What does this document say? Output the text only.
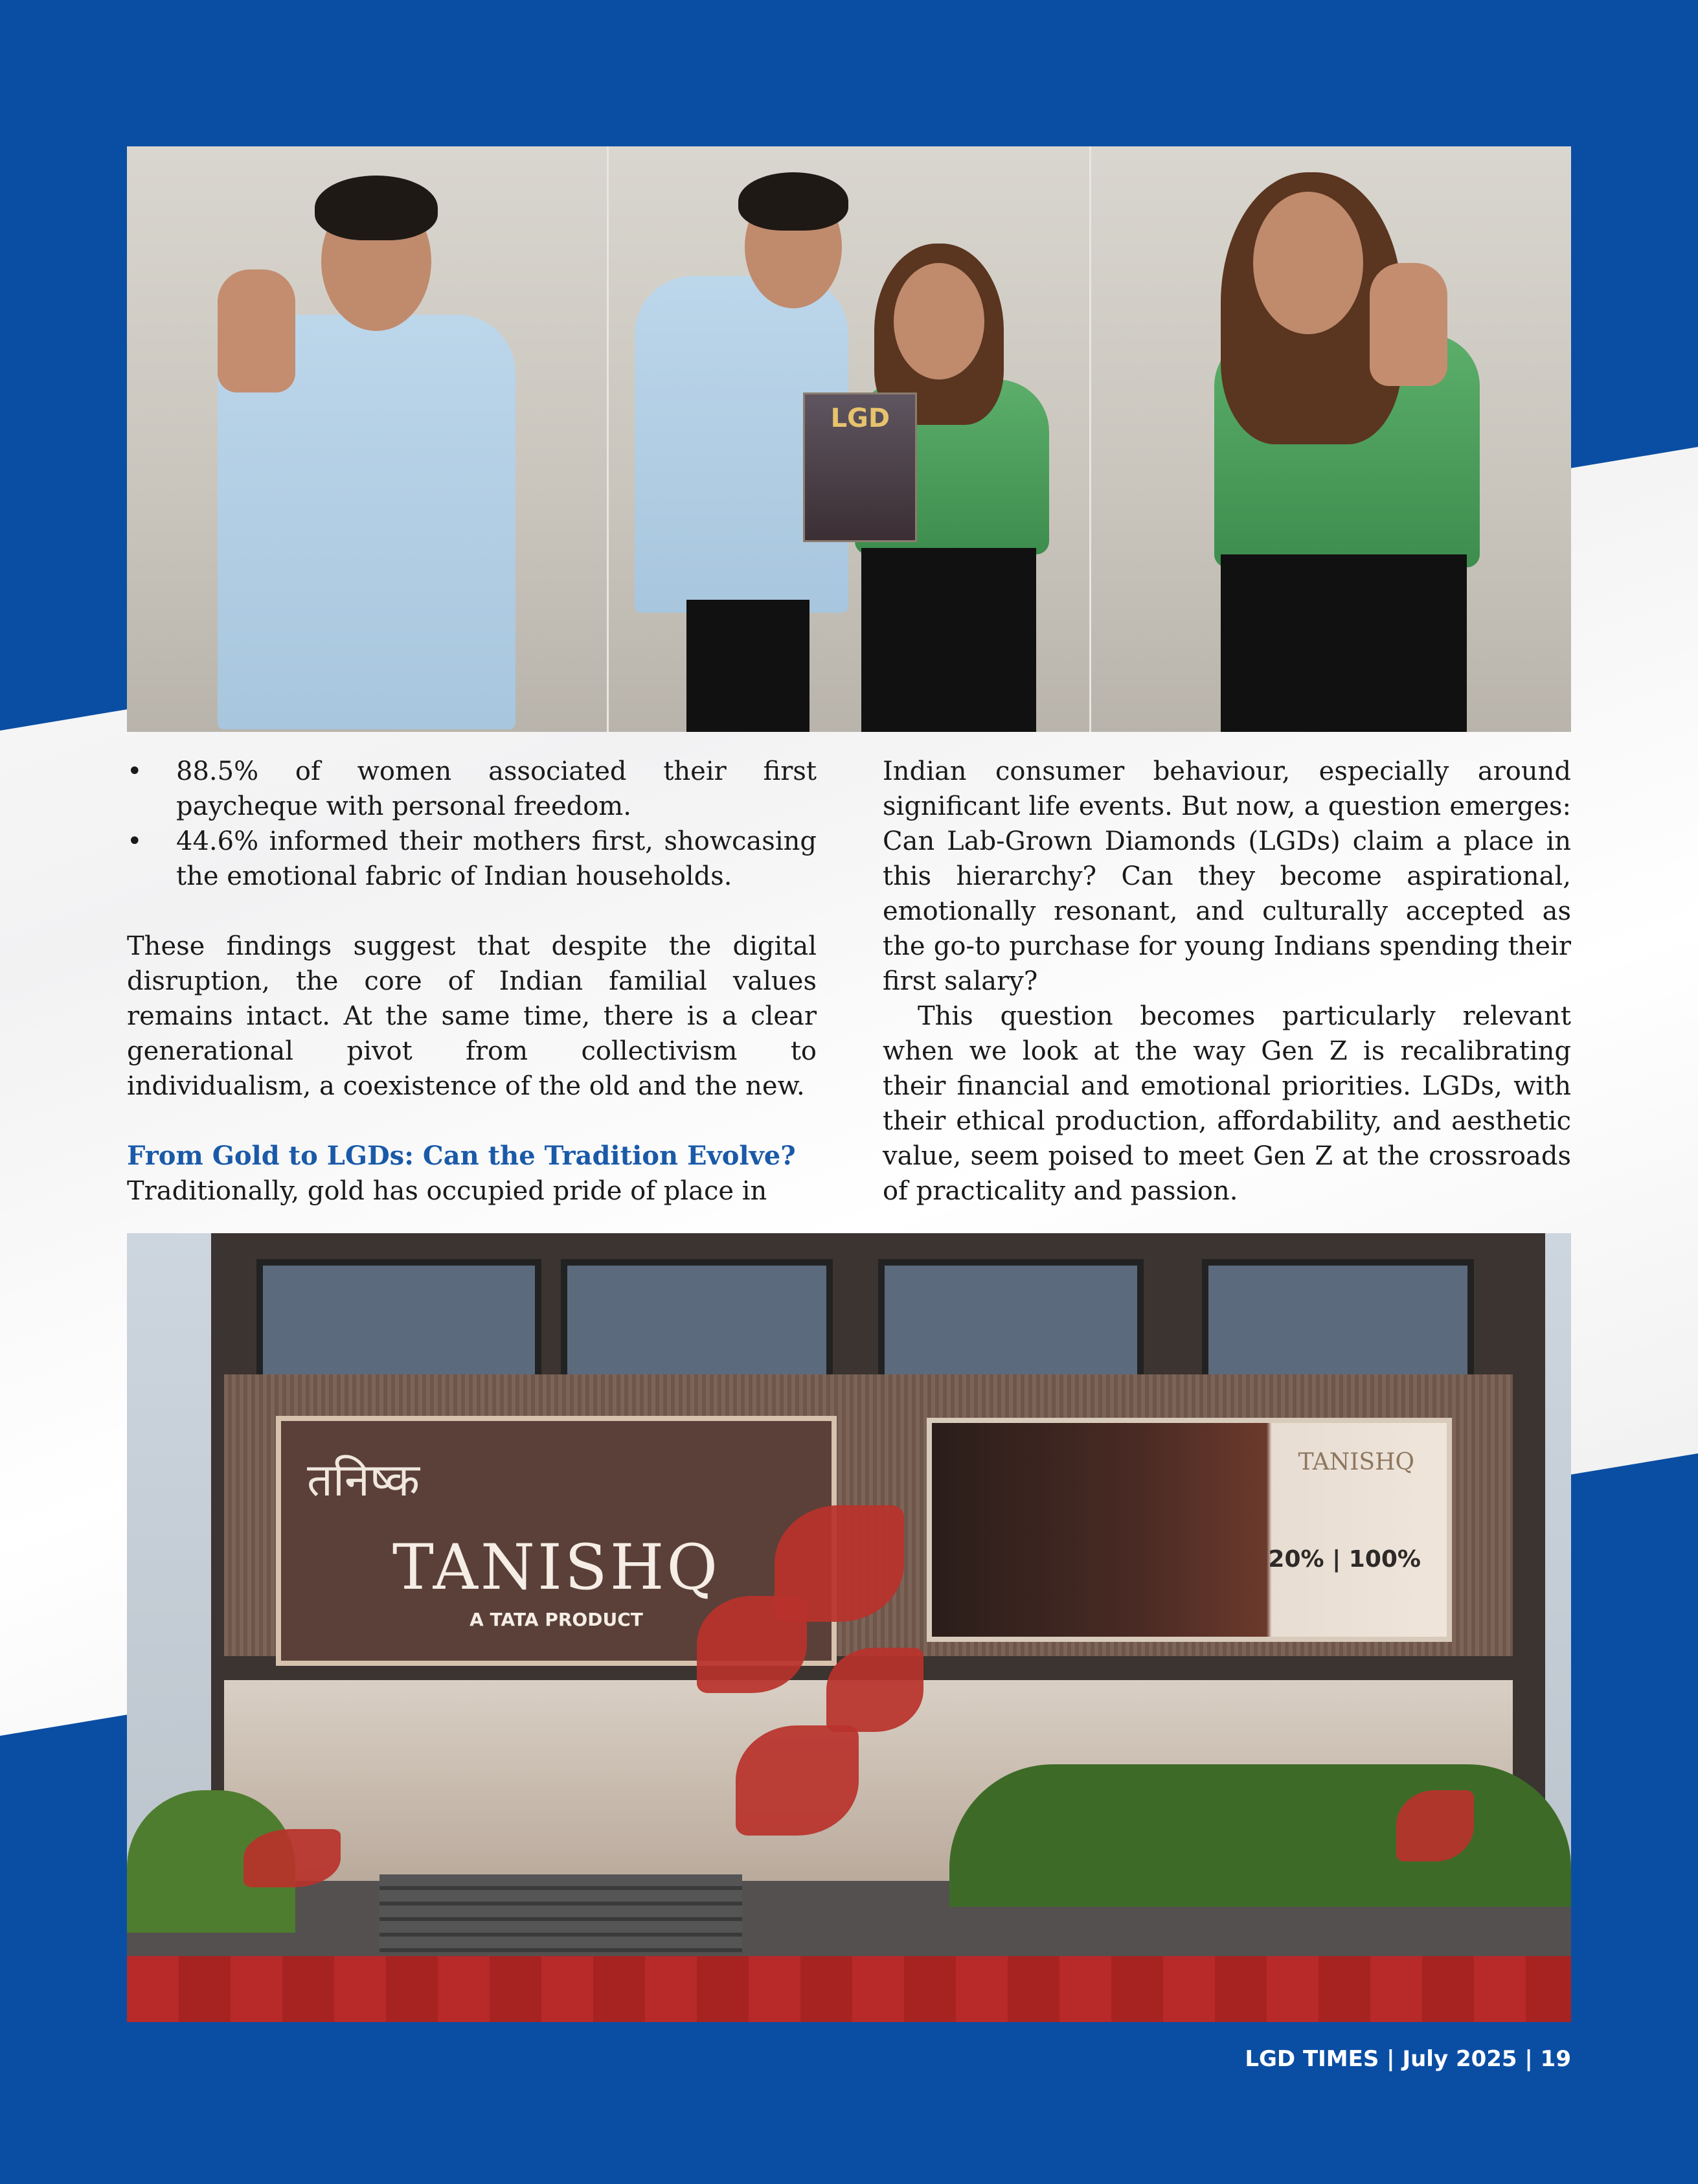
LGD
• 88.5% of women associated their first paycheque with personal freedom.
• 44.6% informed their mothers first, showcasing the emotional fabric of Indian households.

These findings suggest that despite the digital disruption, the core of Indian familial values remains intact. At the same time, there is a clear generational pivot from collectivism to individualism, a coexistence of the old and the new.

From Gold to LGDs: Can the Tradition Evolve?

Traditionally, gold has occupied pride of place in

Indian consumer behaviour, especially around significant life events. But now, a question emerges: Can Lab-Grown Diamonds (LGDs) claim a place in this hierarchy? Can they become aspirational, emotionally resonant, and culturally accepted as the go-to purchase for young Indians spending their first salary?

This question becomes particularly relevant when we look at the way Gen Z is recalibrating their financial and emotional priorities. LGDs, with their ethical production, affordability, and aesthetic value, seem poised to meet Gen Z at the crossroads of practicality and passion.

तनिष्क
TANISHQ
A TATA PRODUCT
TANISHQ
20% | 100%
LGD TIMES | July 2025 | 19
